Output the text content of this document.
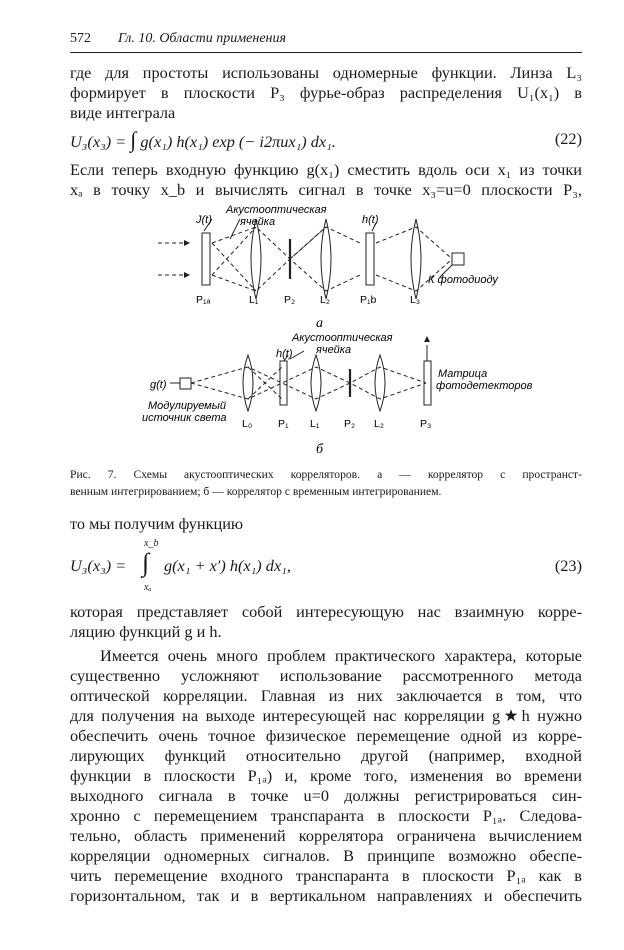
572 Гл. 10. Области применения
где для простоты использованы одномерные функции. Линза L₃
формирует в плоскости P₃ фурье-образ распределения U₁(x₁) в
виде интеграла
U₃(x₃) = ∫ g(x₁) h(x₁) exp (− i2πux₁) dx₁.	(22)
Если теперь входную функцию g(x₁) сместить вдоль оси x₁ из точки
xₐ в точку x_b и вычислять сигнал в точке x₃=u=0 плоскости P₃,
J(t)
Акустооптическая
ячейка	h(t)
К фотодиоду
P₁ₐ	L₁ P₂ L₂	P₁b	L₃
а
Акустооптическая
ячейка
h(t)
g(t)
Модулируемый
источник света
Матрица
фотодетекторов
L₀ P₁ L₁ P₂ L₂	P₃
б
Рис. 7. Схемы акустооптических корреляторов. а — коррелятор с пространст-
венным интегрированием; б — коррелятор с временным интегрированием.
то мы получим функцию
x_b
U₃(x₃) = ∫ g(x₁ + x′) h(x₁) dx₁,
xₐ
(23)
которая представляет собой интересующую нас взаимную корре-
ляцию функций g и h.
Имеется очень много проблем практического характера, которые
существенно усложняют использование рассмотренного метода
оптической корреляции. Главная из них заключается в том, что
для получения на выходе интересующей нас корреляции g★h нужно
обеспечить очень точное физическое перемещение одной из корре-
лирующих функций относительно другой (например, входной
функции в плоскости P₁ₐ) и, кроме того, изменения во времени
выходного сигнала в точке u=0 должны регистрироваться син-
хронно с перемещением транспаранта в плоскости P₁ₐ. Следова-
тельно, область применений коррелятора ограничена вычислением
корреляции одномерных сигналов. В принципе возможно обеспе-
чить перемещение входного транспаранта в плоскости P₁ₐ как в
горизонтальном, так и в вертикальном направлениях и обеспечить
